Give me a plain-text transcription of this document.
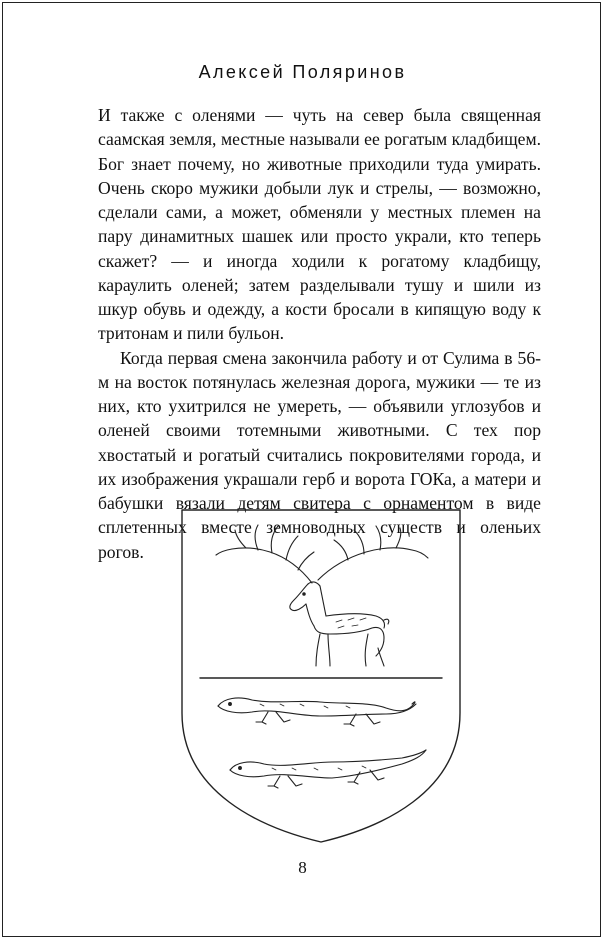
Алексей Поляринов

И также с оленями — чуть на север была священная саамская земля, местные называли ее рогатым кладбищем. Бог знает почему, но животные приходили туда умирать. Очень скоро мужики добыли лук и стрелы, — возможно, сделали сами, а может, обменяли у местных племен на пару динамитных шашек или просто украли, кто теперь скажет? — и иногда ходили к рогатому кладбищу, караулить оленей; затем разделывали тушу и шили из шкур обувь и одежду, а кости бросали в кипящую воду к тритонам и пили бульон.

Когда первая смена закончила работу и от Сулима в 56-м на восток потянулась железная дорога, мужики — те из них, кто ухитрился не умереть, — объявили углозубов и оленей своими тотемными животными. С тех пор хвостатый и рогатый считались покровителями города, и их изображения украшали герб и ворота ГОКа, а матери и бабушки вязали детям свитера с орнаментом в виде сплетенных вместе земноводных существ и оленьих рогов.

8
